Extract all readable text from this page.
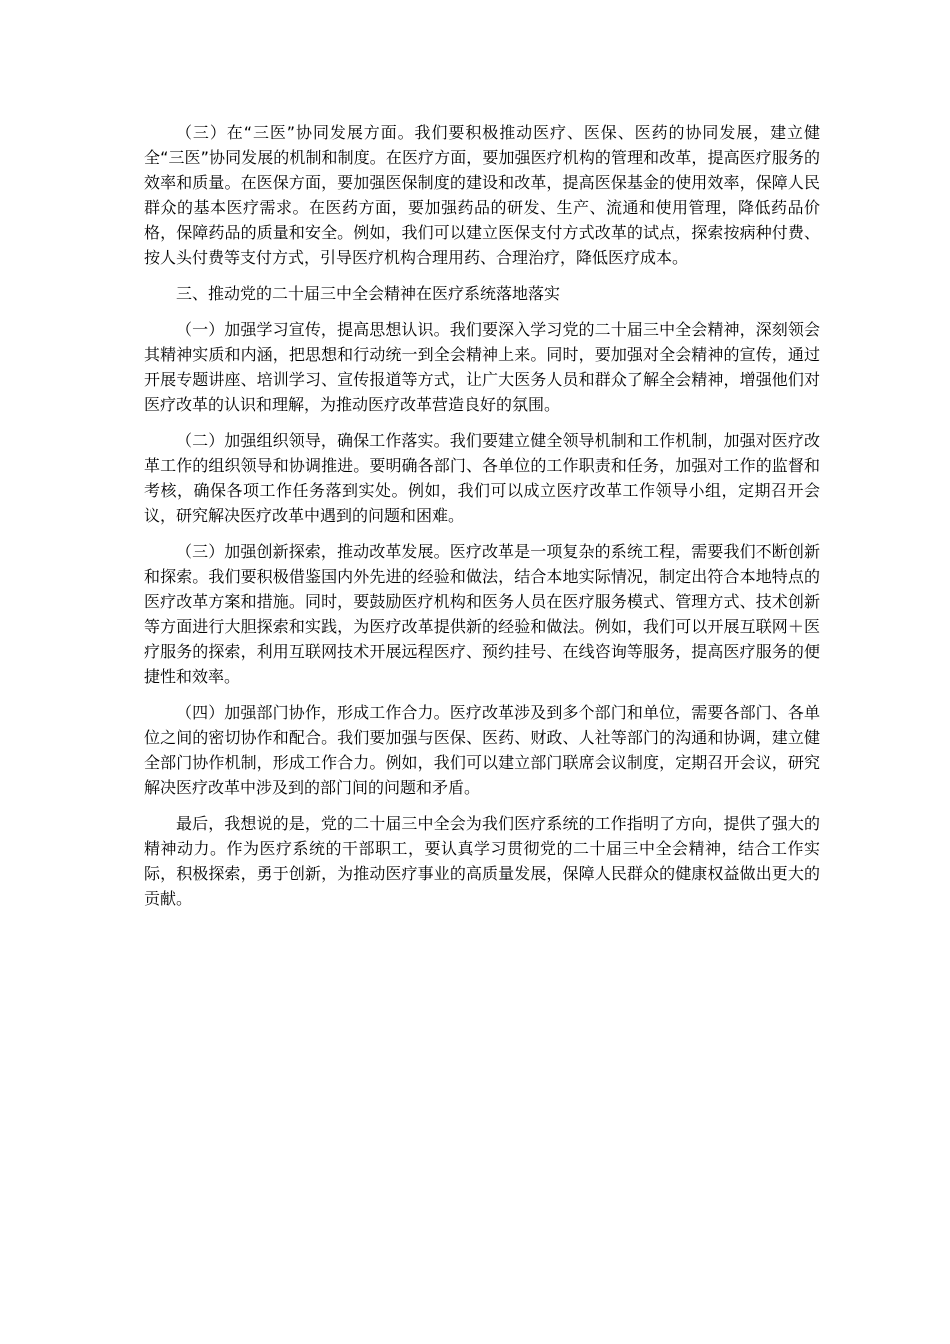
（三）在“三医”协同发展方面。我们要积极推动医疗、医保、医药的协同发展，建立健全“三医”协同发展的机制和制度。在医疗方面，要加强医疗机构的管理和改革，提高医疗服务的效率和质量。在医保方面，要加强医保制度的建设和改革，提高医保基金的使用效率，保障人民群众的基本医疗需求。在医药方面，要加强药品的研发、生产、流通和使用管理，降低药品价格，保障药品的质量和安全。例如，我们可以建立医保支付方式改革的试点，探索按病种付费、按人头付费等支付方式，引导医疗机构合理用药、合理治疗，降低医疗成本。

三、推动党的二十届三中全会精神在医疗系统落地落实

（一）加强学习宣传，提高思想认识。我们要深入学习党的二十届三中全会精神，深刻领会其精神实质和内涵，把思想和行动统一到全会精神上来。同时，要加强对全会精神的宣传，通过开展专题讲座、培训学习、宣传报道等方式，让广大医务人员和群众了解全会精神，增强他们对医疗改革的认识和理解，为推动医疗改革营造良好的氛围。

（二）加强组织领导，确保工作落实。我们要建立健全领导机制和工作机制，加强对医疗改革工作的组织领导和协调推进。要明确各部门、各单位的工作职责和任务，加强对工作的监督和考核，确保各项工作任务落到实处。例如，我们可以成立医疗改革工作领导小组，定期召开会议，研究解决医疗改革中遇到的问题和困难。

（三）加强创新探索，推动改革发展。医疗改革是一项复杂的系统工程，需要我们不断创新和探索。我们要积极借鉴国内外先进的经验和做法，结合本地实际情况，制定出符合本地特点的医疗改革方案和措施。同时，要鼓励医疗机构和医务人员在医疗服务模式、管理方式、技术创新等方面进行大胆探索和实践，为医疗改革提供新的经验和做法。例如，我们可以开展互联网＋医疗服务的探索，利用互联网技术开展远程医疗、预约挂号、在线咨询等服务，提高医疗服务的便捷性和效率。

（四）加强部门协作，形成工作合力。医疗改革涉及到多个部门和单位，需要各部门、各单位之间的密切协作和配合。我们要加强与医保、医药、财政、人社等部门的沟通和协调，建立健全部门协作机制，形成工作合力。例如，我们可以建立部门联席会议制度，定期召开会议，研究解决医疗改革中涉及到的部门间的问题和矛盾。

最后，我想说的是，党的二十届三中全会为我们医疗系统的工作指明了方向，提供了强大的精神动力。作为医疗系统的干部职工，要认真学习贯彻党的二十届三中全会精神，结合工作实际，积极探索，勇于创新，为推动医疗事业的高质量发展，保障人民群众的健康权益做出更大的贡献。
